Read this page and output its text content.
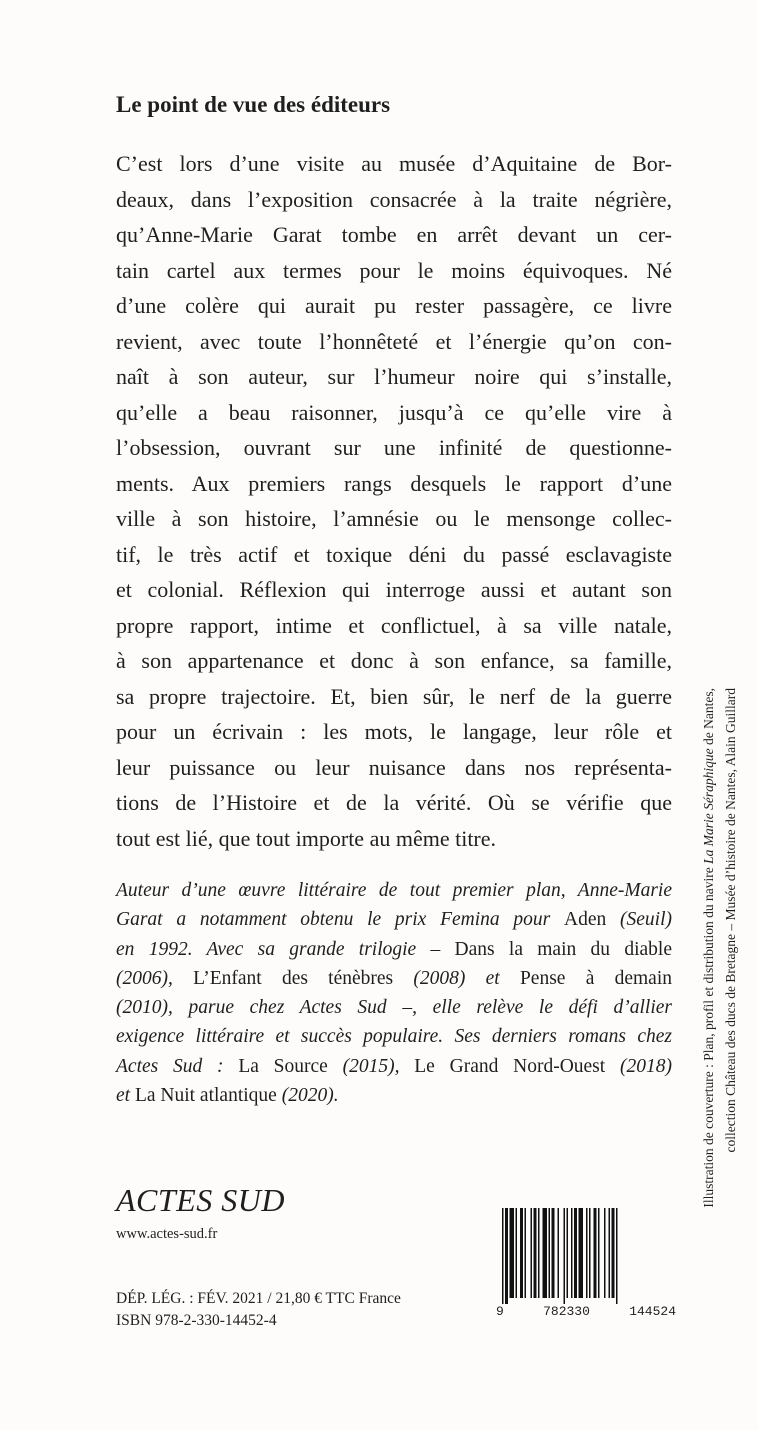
Le point de vue des éditeurs
C’est lors d’une visite au musée d’Aquitaine de Bor-
deaux, dans l’exposition consacrée à la traite négrière,
qu’Anne-Marie Garat tombe en arrêt devant un cer-
tain cartel aux termes pour le moins équivoques. Né
d’une colère qui aurait pu rester passagère, ce livre
revient, avec toute l’honnêteté et l’énergie qu’on con-
naît à son auteur, sur l’humeur noire qui s’installe,
qu’elle a beau raisonner, jusqu’à ce qu’elle vire à
l’obsession, ouvrant sur une infinité de questionne-
ments. Aux premiers rangs desquels le rapport d’une
ville à son histoire, l’amnésie ou le mensonge collec-
tif, le très actif et toxique déni du passé esclavagiste
et colonial. Réflexion qui interroge aussi et autant son
propre rapport, intime et conflictuel, à sa ville natale,
à son appartenance et donc à son enfance, sa famille,
sa propre trajectoire. Et, bien sûr, le nerf de la guerre
pour un écrivain : les mots, le langage, leur rôle et
leur puissance ou leur nuisance dans nos représenta-
tions de l’Histoire et de la vérité. Où se vérifie que
tout est lié, que tout importe au même titre.
Auteur d’une œuvre littéraire de tout premier plan, Anne-Marie
Garat a notamment obtenu le prix Femina pour Aden (Seuil)
en 1992. Avec sa grande trilogie – Dans la main du diable
(2006), L’Enfant des ténèbres (2008) et Pense à demain
(2010), parue chez Actes Sud –, elle relève le défi d’allier
exigence littéraire et succès populaire. Ses derniers romans chez
Actes Sud : La Source (2015), Le Grand Nord-Ouest (2018)
et La Nuit atlantique (2020).
ACTES SUD
www.actes-sud.fr
DÉP. LÉG. : FÉV. 2021 / 21,80 € TTC France
ISBN 978-2-330-14452-4
9	782330	144524
Illustration de couverture : Plan, profil et distribution du navire La Marie Séraphique de Nantes, collection Château des ducs de Bretagne – Musée d’histoire de Nantes, Alain Guillard
